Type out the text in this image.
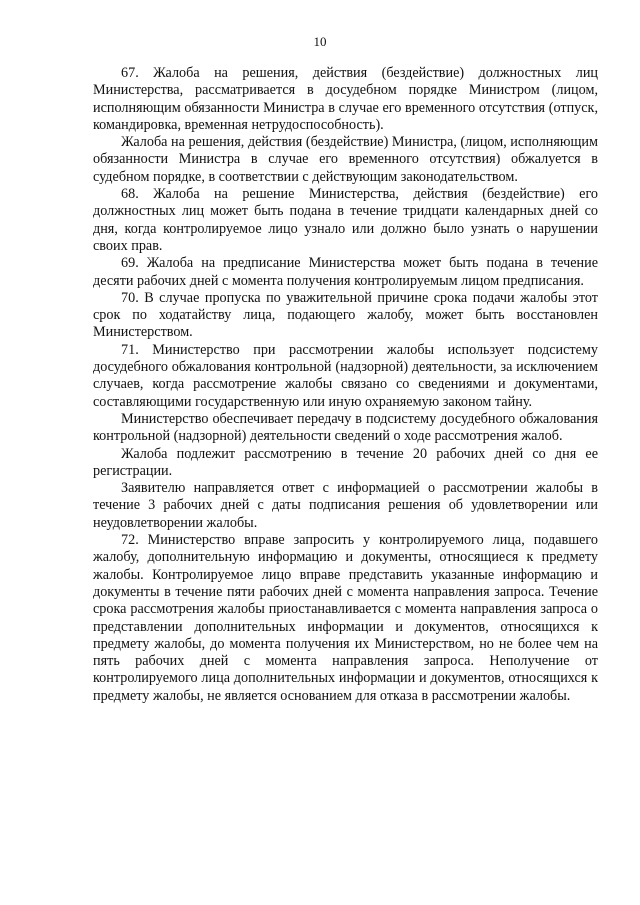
10

67. Жалоба на решения, действия (бездействие) должностных лиц Министерства, рассматривается в досудебном порядке Министром (лицом, исполняющим обязанности Министра в случае его временного отсутствия (отпуск, командировка, временная нетрудоспособность).

Жалоба на решения, действия (бездействие) Министра, (лицом, исполняющим обязанности Министра в случае его временного отсутствия) обжалуется в судебном порядке, в соответствии с действующим законодательством.

68. Жалоба на решение Министерства, действия (бездействие) его должностных лиц может быть подана в течение тридцати календарных дней со дня, когда контролируемое лицо узнало или должно было узнать о нарушении своих прав.

69. Жалоба на предписание Министерства может быть подана в течение десяти рабочих дней с момента получения контролируемым лицом предписания.

70. В случае пропуска по уважительной причине срока подачи жалобы этот срок по ходатайству лица, подающего жалобу, может быть восстановлен Министерством.

71. Министерство при рассмотрении жалобы использует подсистему досудебного обжалования контрольной (надзорной) деятельности, за исключением случаев, когда рассмотрение жалобы связано со сведениями и документами, составляющими государственную или иную охраняемую законом тайну.

Министерство обеспечивает передачу в подсистему досудебного обжалования контрольной (надзорной) деятельности сведений о ходе рассмотрения жалоб.

Жалоба подлежит рассмотрению в течение 20 рабочих дней со дня ее регистрации.

Заявителю направляется ответ с информацией о рассмотрении жалобы в течение 3 рабочих дней с даты подписания решения об удовлетворении или неудовлетворении жалобы.

72. Министерство вправе запросить у контролируемого лица, подавшего жалобу, дополнительную информацию и документы, относящиеся к предмету жалобы. Контролируемое лицо вправе представить указанные информацию и документы в течение пяти рабочих дней с момента направления запроса. Течение срока рассмотрения жалобы приостанавливается с момента направления запроса о представлении дополнительных информации и документов, относящихся к предмету жалобы, до момента получения их Министерством, но не более чем на пять рабочих дней с момента направления запроса. Неполучение от контролируемого лица дополнительных информации и документов, относящихся к предмету жалобы, не является основанием для отказа в рассмотрении жалобы.
